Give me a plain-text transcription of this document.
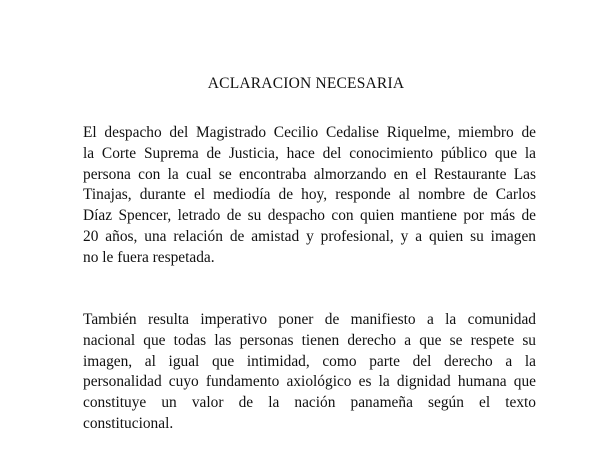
ACLARACION NECESARIA
El despacho del Magistrado Cecilio Cedalise Riquelme, miembro de
la Corte Suprema de Justicia, hace del conocimiento público que la
persona con la cual se encontraba almorzando en el Restaurante Las
Tinajas, durante el mediodía de hoy, responde al nombre de Carlos
Díaz Spencer, letrado de su despacho con quien mantiene por más de
20 años, una relación de amistad y profesional, y a quien su imagen
no le fuera respetada.
También resulta imperativo poner de manifiesto a la comunidad
nacional que todas las personas tienen derecho a que se respete su
imagen, al igual que intimidad, como parte del derecho a la
personalidad cuyo fundamento axiológico es la dignidad humana que
constituye un valor de la nación panameña según el texto
constitucional.
